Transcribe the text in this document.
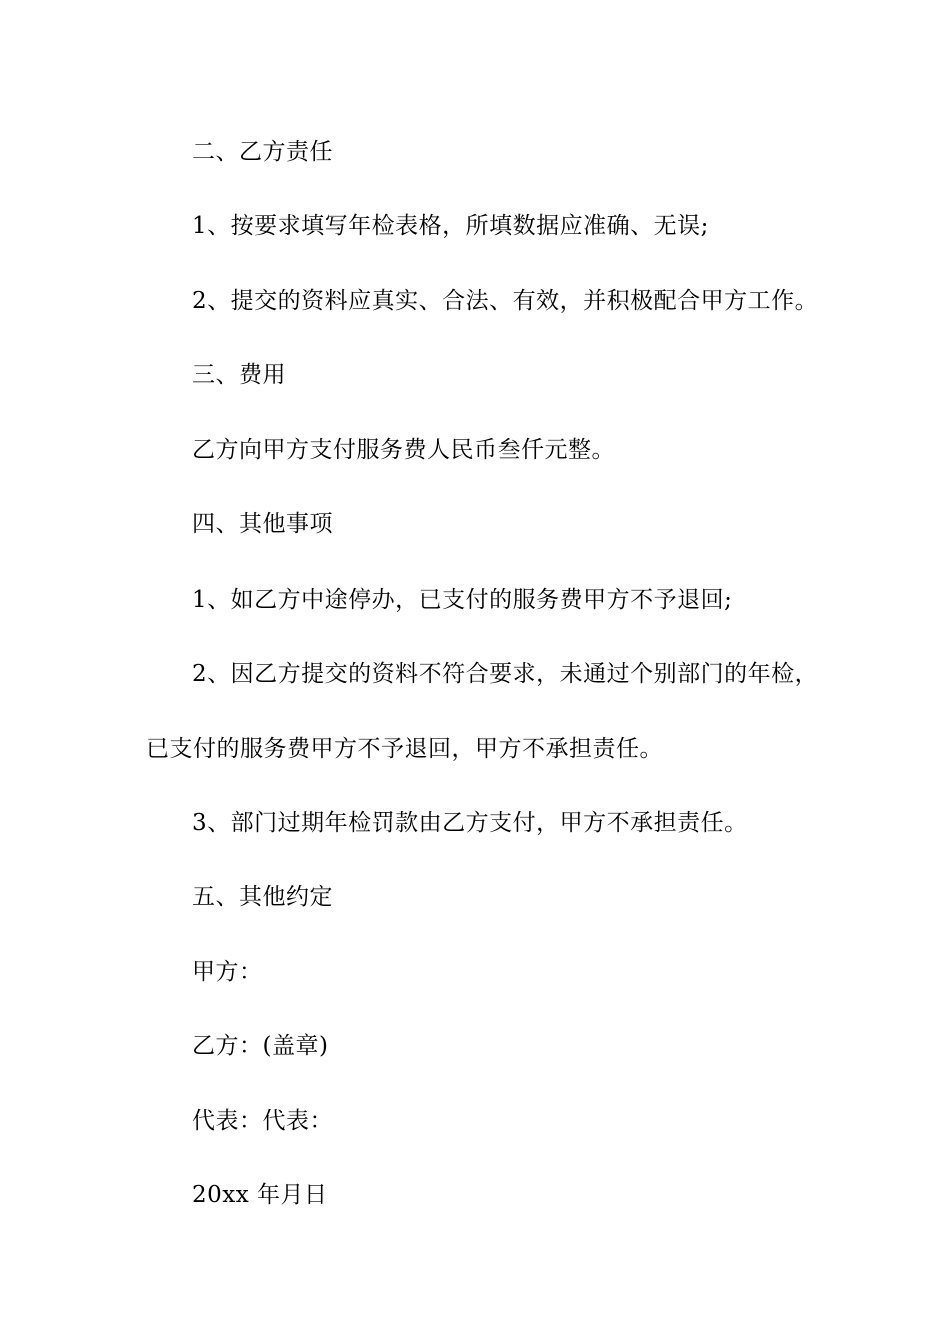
二、乙方责任
1、按要求填写年检表格，所填数据应准确、无误;
2、提交的资料应真实、合法、有效，并积极配合甲方工作。
三、费用
乙方向甲方支付服务费人民币叁仟元整。
四、其他事项
1、如乙方中途停办，已支付的服务费甲方不予退回;
2、因乙方提交的资料不符合要求，未通过个别部门的年检，
已支付的服务费甲方不予退回，甲方不承担责任。
3、部门过期年检罚款由乙方支付，甲方不承担责任。
五、其他约定
甲方：
乙方：(盖章)
代表：代表：
20xx 年月日
